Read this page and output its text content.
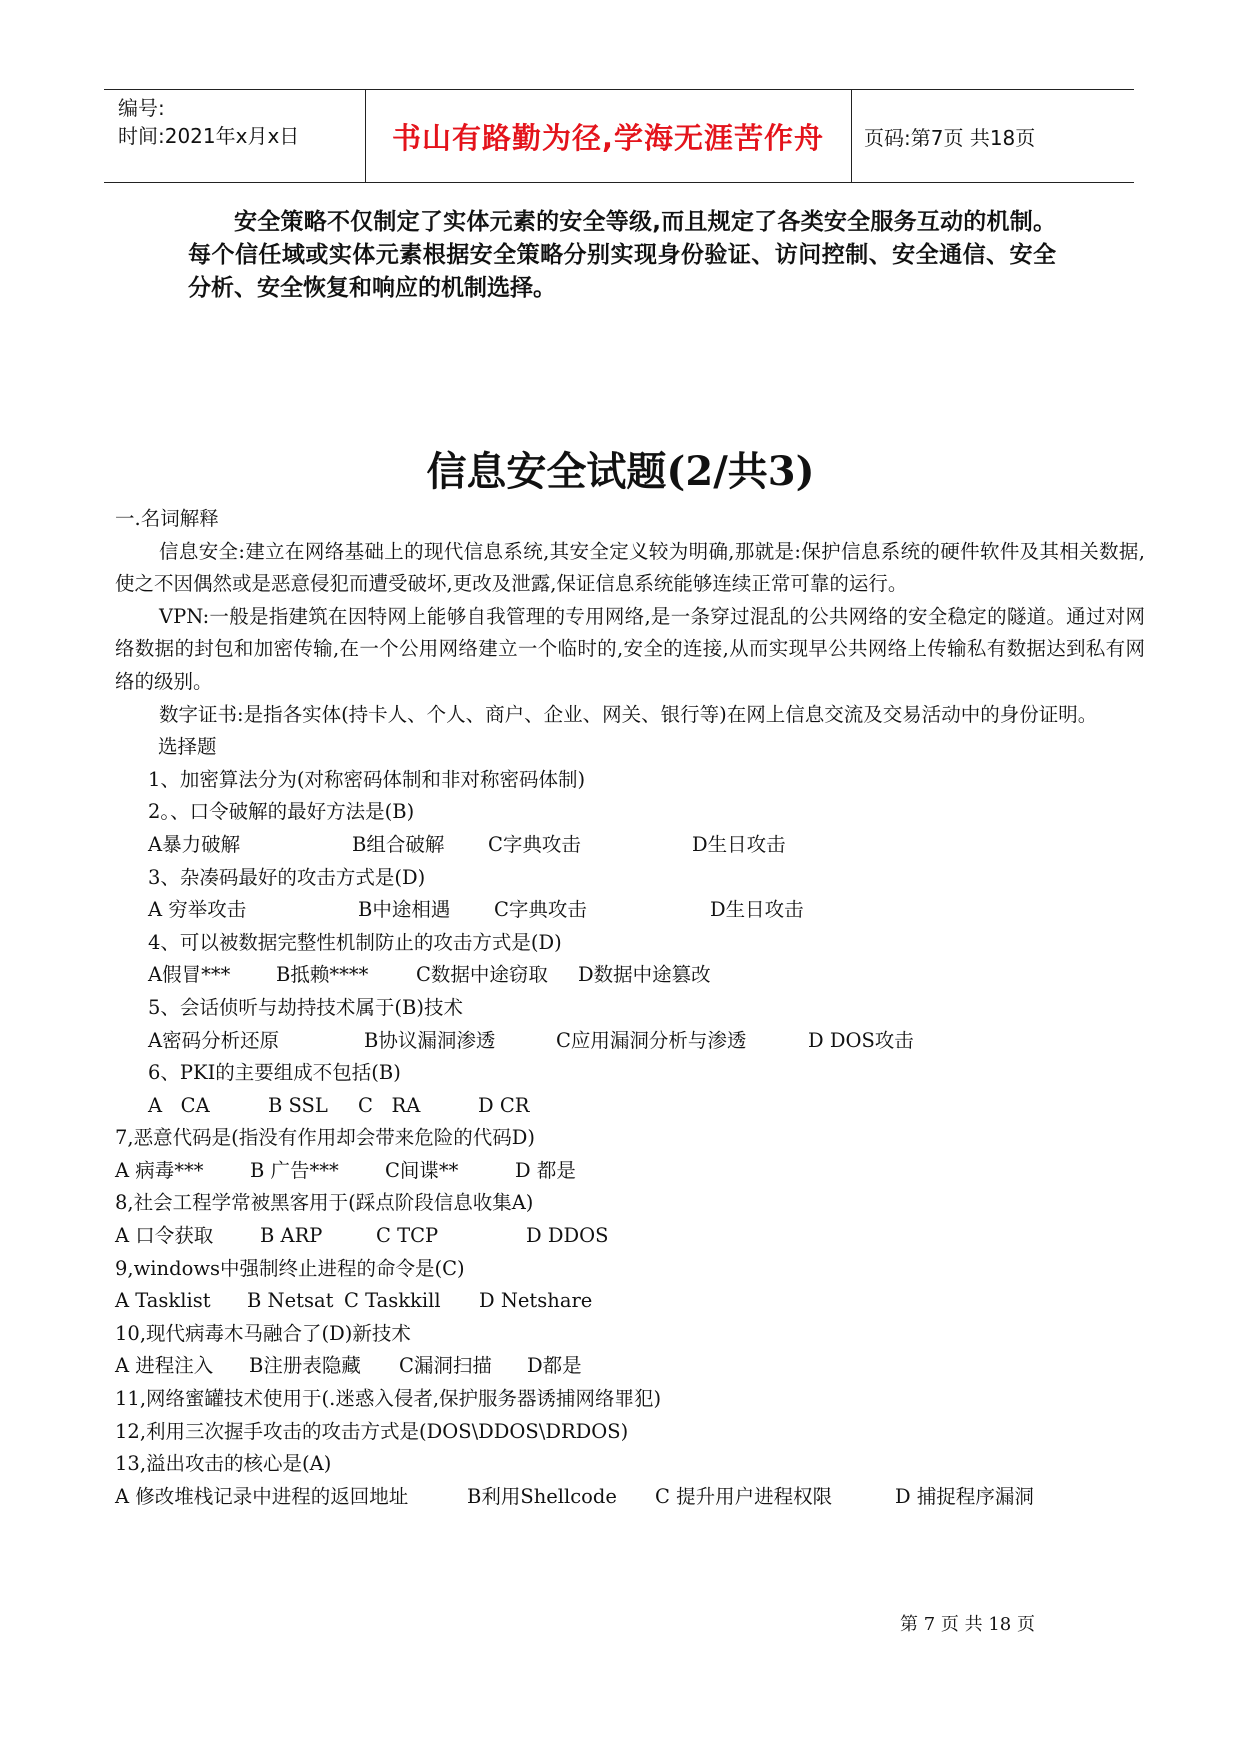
编号:
时间:2021年x月x日	书山有路勤为径,学海无涯苦作舟	页码:第7页 共18页

安全策略不仅制定了实体元素的安全等级,而且规定了各类安全服务互动的机制。每个信任域或实体元素根据安全策略分别实现身份验证、访问控制、安全通信、安全分析、安全恢复和响应的机制选择。

信息安全试题(2/共3)
一.名词解释

信息安全:建立在网络基础上的现代信息系统,其安全定义较为明确,那就是:保护信息系统的硬件软件及其相关数据,使之不因偶然或是恶意侵犯而遭受破坏,更改及泄露,保证信息系统能够连续正常可靠的运行。

VPN:一般是指建筑在因特网上能够自我管理的专用网络,是一条穿过混乱的公共网络的安全稳定的隧道。通过对网络数据的封包和加密传输,在一个公用网络建立一个临时的,安全的连接,从而实现早公共网络上传输私有数据达到私有网络的级别。

数字证书:是指各实体(持卡人、个人、商户、企业、网关、银行等)在网上信息交流及交易活动中的身份证明。

选择题
1、加密算法分为(对称密码体制和非对称密码体制)
2。、口令破解的最好方法是(B)
A暴力破解	B组合破解	C字典攻击	D生日攻击
3、杂凑码最好的攻击方式是(D)
A 穷举攻击	B中途相遇	C字典攻击	D生日攻击
4、可以被数据完整性机制防止的攻击方式是(D)
A假冒***	B抵赖****	C数据中途窃取	D数据中途篡改
5、会话侦听与劫持技术属于(B)技术
A密码分析还原	B协议漏洞渗透	C应用漏洞分析与渗透	D DOS攻击
6、PKI的主要组成不包括(B)
A   CA	B SSL	C   RA	D CR
7,恶意代码是(指没有作用却会带来危险的代码D)
A 病毒***	B 广告***	C间谍**	D 都是
8,社会工程学常被黑客用于(踩点阶段信息收集A)
A 口令获取	B ARP	C TCP	D DDOS
9,windows中强制终止进程的命令是(C)
A Tasklist	B Netsat C Taskkill	D Netshare
10,现代病毒木马融合了(D)新技术
A 进程注入	B注册表隐藏	C漏洞扫描	D都是
11,网络蜜罐技术使用于(.迷惑入侵者,保护服务器诱捕网络罪犯)
12,利用三次握手攻击的攻击方式是(DOS\DDOS\DRDOS)
13,溢出攻击的核心是(A)
A 修改堆栈记录中进程的返回地址	B利用Shellcode	C 提升用户进程权限	D 捕捉程序漏洞
第 7 页 共 18 页
